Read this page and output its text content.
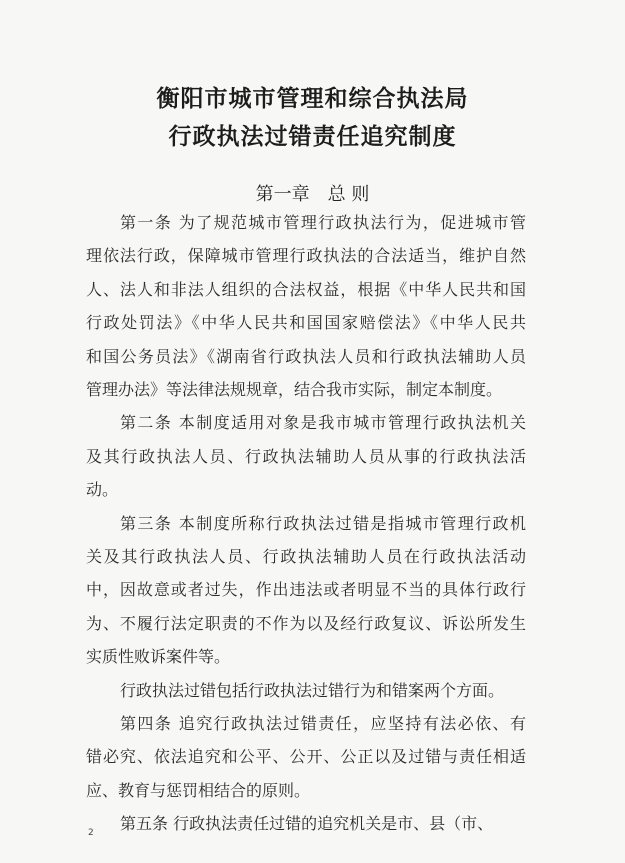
衡阳市城市管理和综合执法局
行政执法过错责任追究制度
第一章 总 则
2
第一条 为了规范城市管理行政执法行为，促进城市管
理依法行政，保障城市管理行政执法的合法适当，维护自然
人、法人和非法人组织的合法权益，根据《中华人民共和国
行政处罚法》《中华人民共和国国家赔偿法》《中华人民共
和国公务员法》《湖南省行政执法人员和行政执法辅助人员
管理办法》等法律法规规章，结合我市实际，制定本制度。
第二条 本制度适用对象是我市城市管理行政执法机关
及其行政执法人员、行政执法辅助人员从事的行政执法活
动。
第三条 本制度所称行政执法过错是指城市管理行政机
关及其行政执法人员、行政执法辅助人员在行政执法活动
中，因故意或者过失，作出违法或者明显不当的具体行政行
为、不履行法定职责的不作为以及经行政复议、诉讼所发生
实质性败诉案件等。
行政执法过错包括行政执法过错行为和错案两个方面。
第四条 追究行政执法过错责任，应坚持有法必依、有
错必究、依法追究和公平、公开、公正以及过错与责任相适
应、教育与惩罚相结合的原则。
第五条 行政执法责任过错的追究机关是市、县（市、
